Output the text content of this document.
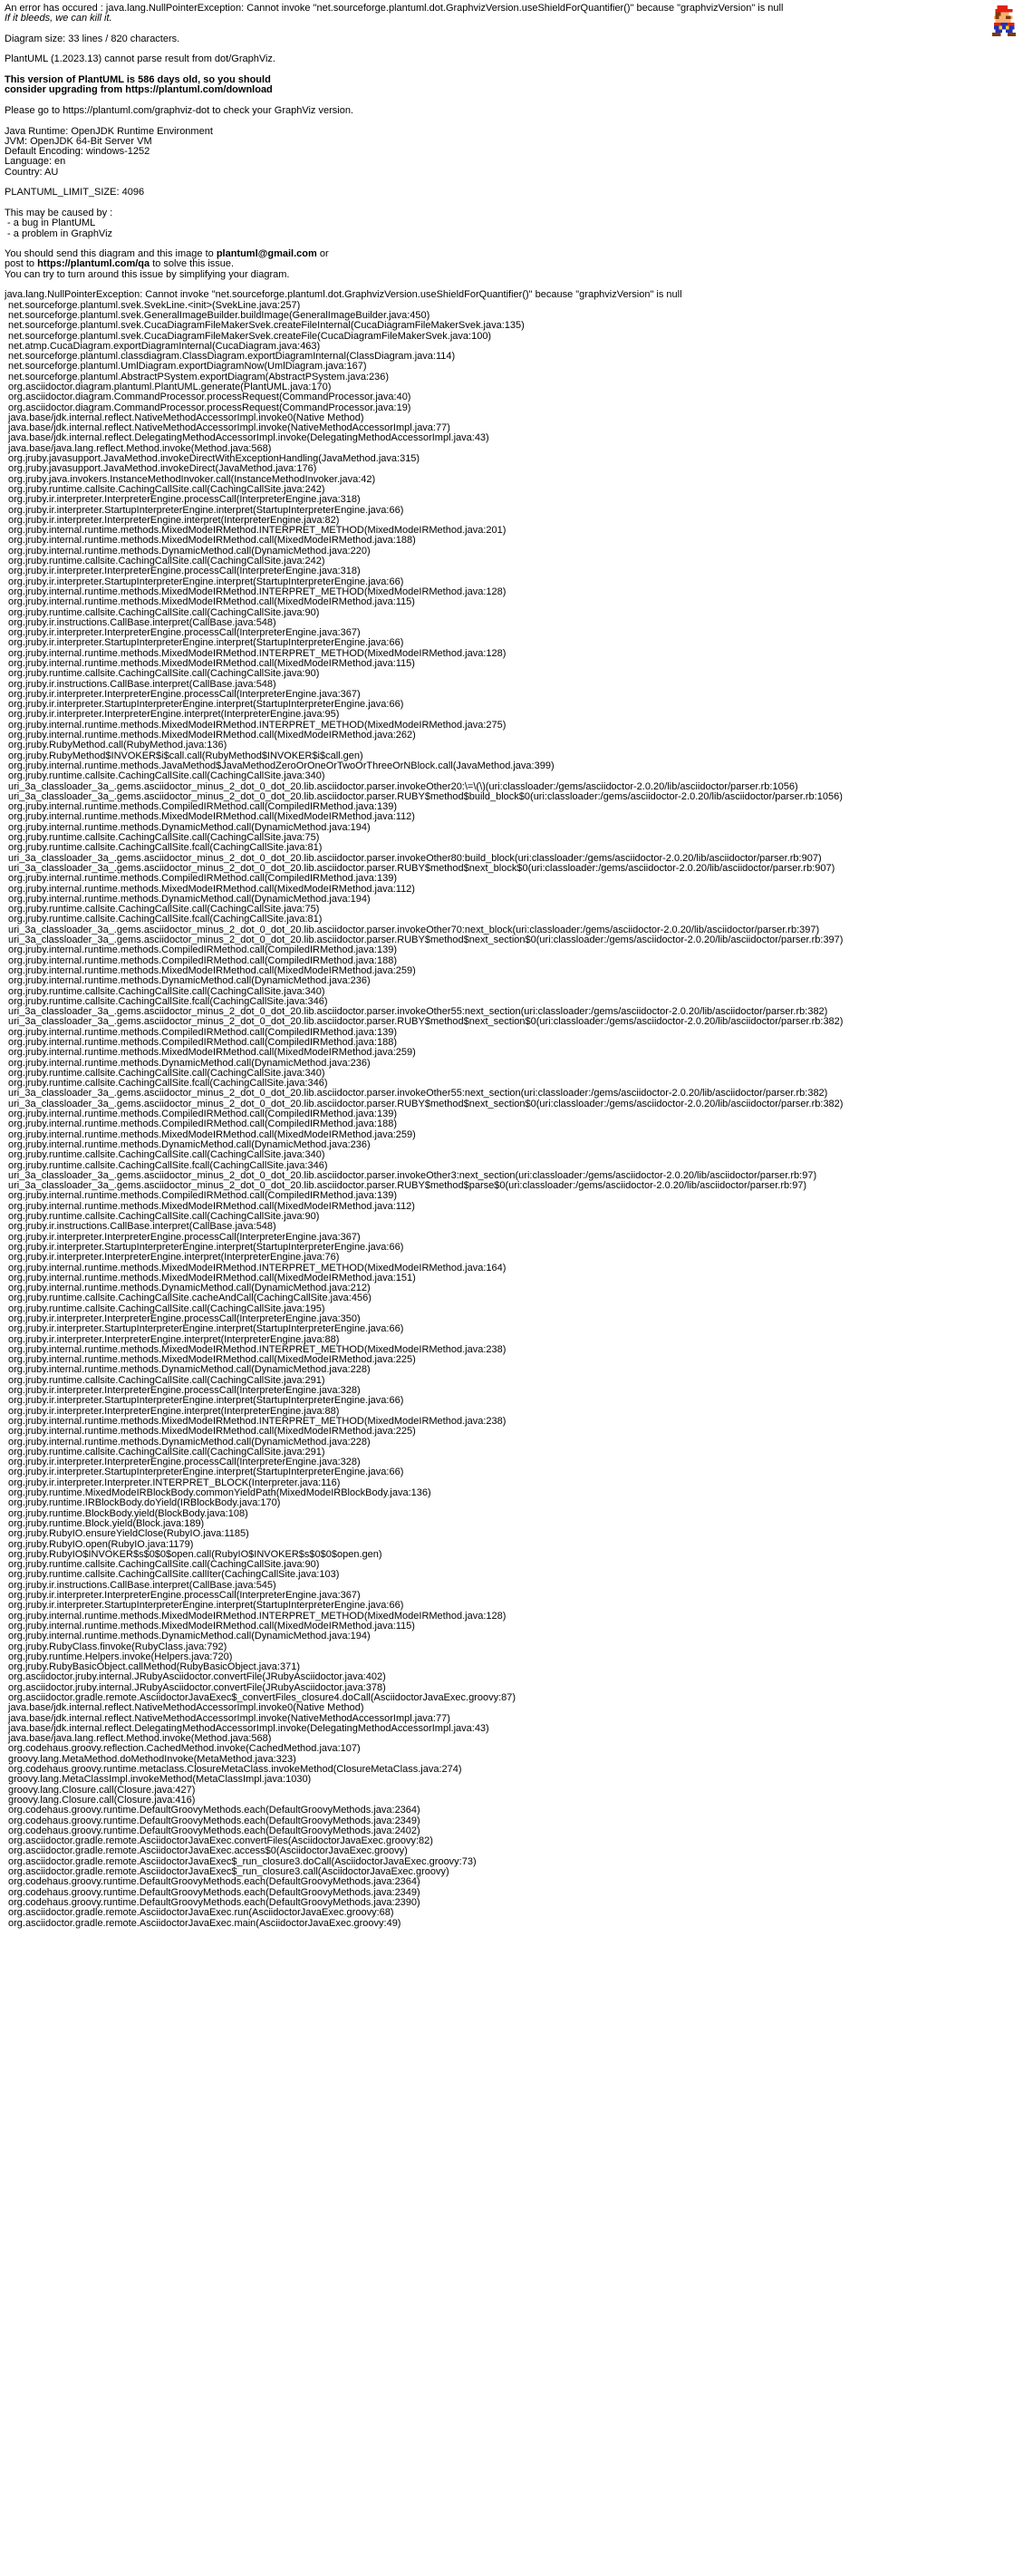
An error has occured : java.lang.NullPointerException: Cannot invoke "net.sourceforge.plantuml.dot.GraphvizVersion.useShieldForQuantifier()" because "graphvizVersion" is null
If it bleeds, we can kill it.
Diagram size: 33 lines / 820 characters.
PlantUML (1.2023.13) cannot parse result from dot/GraphViz.
This version of PlantUML is 586 days old, so you should
consider upgrading from https://plantuml.com/download
Please go to https://plantuml.com/graphviz-dot to check your GraphViz version.
Java Runtime: OpenJDK Runtime Environment
JVM: OpenJDK 64-Bit Server VM
Default Encoding: windows-1252
Language: en
Country: AU
PLANTUML_LIMIT_SIZE: 4096
This may be caused by :
- a bug in PlantUML
- a problem in GraphViz
You should send this diagram and this image to plantuml@gmail.com or
post to https://plantuml.com/qa to solve this issue.
You can try to turn around this issue by simplifying your diagram.
java.lang.NullPointerException: Cannot invoke "net.sourceforge.plantuml.dot.GraphvizVersion.useShieldForQuantifier()" because "graphvizVersion" is null
net.sourceforge.plantuml.svek.SvekLine.<init>(SvekLine.java:257)
net.sourceforge.plantuml.svek.GeneralImageBuilder.buildImage(GeneralImageBuilder.java:450)
net.sourceforge.plantuml.svek.CucaDiagramFileMakerSvek.createFileInternal(CucaDiagramFileMakerSvek.java:135)
net.sourceforge.plantuml.svek.CucaDiagramFileMakerSvek.createFile(CucaDiagramFileMakerSvek.java:100)
net.atmp.CucaDiagram.exportDiagramInternal(CucaDiagram.java:463)
net.sourceforge.plantuml.classdiagram.ClassDiagram.exportDiagramInternal(ClassDiagram.java:114)
net.sourceforge.plantuml.UmlDiagram.exportDiagramNow(UmlDiagram.java:167)
net.sourceforge.plantuml.AbstractPSystem.exportDiagram(AbstractPSystem.java:236)
org.asciidoctor.diagram.plantuml.PlantUML.generate(PlantUML.java:170)
org.asciidoctor.diagram.CommandProcessor.processRequest(CommandProcessor.java:40)
org.asciidoctor.diagram.CommandProcessor.processRequest(CommandProcessor.java:19)
java.base/jdk.internal.reflect.NativeMethodAccessorImpl.invoke0(Native Method)
java.base/jdk.internal.reflect.NativeMethodAccessorImpl.invoke(NativeMethodAccessorImpl.java:77)
java.base/jdk.internal.reflect.DelegatingMethodAccessorImpl.invoke(DelegatingMethodAccessorImpl.java:43)
java.base/java.lang.reflect.Method.invoke(Method.java:568)
org.jruby.javasupport.JavaMethod.invokeDirectWithExceptionHandling(JavaMethod.java:315)
org.jruby.javasupport.JavaMethod.invokeDirect(JavaMethod.java:176)
org.jruby.java.invokers.InstanceMethodInvoker.call(InstanceMethodInvoker.java:42)
org.jruby.runtime.callsite.CachingCallSite.call(CachingCallSite.java:242)
org.jruby.ir.interpreter.InterpreterEngine.processCall(InterpreterEngine.java:318)
org.jruby.ir.interpreter.StartupInterpreterEngine.interpret(StartupInterpreterEngine.java:66)
org.jruby.ir.interpreter.InterpreterEngine.interpret(InterpreterEngine.java:82)
org.jruby.internal.runtime.methods.MixedModeIRMethod.INTERPRET_METHOD(MixedModeIRMethod.java:201)
org.jruby.internal.runtime.methods.MixedModeIRMethod.call(MixedModeIRMethod.java:188)
org.jruby.internal.runtime.methods.DynamicMethod.call(DynamicMethod.java:220)
org.jruby.runtime.callsite.CachingCallSite.call(CachingCallSite.java:242)
org.jruby.ir.interpreter.InterpreterEngine.processCall(InterpreterEngine.java:318)
org.jruby.ir.interpreter.StartupInterpreterEngine.interpret(StartupInterpreterEngine.java:66)
org.jruby.internal.runtime.methods.MixedModeIRMethod.INTERPRET_METHOD(MixedModeIRMethod.java:128)
org.jruby.internal.runtime.methods.MixedModeIRMethod.call(MixedModeIRMethod.java:115)
org.jruby.runtime.callsite.CachingCallSite.call(CachingCallSite.java:90)
org.jruby.ir.instructions.CallBase.interpret(CallBase.java:548)
org.jruby.ir.interpreter.InterpreterEngine.processCall(InterpreterEngine.java:367)
org.jruby.ir.interpreter.StartupInterpreterEngine.interpret(StartupInterpreterEngine.java:66)
org.jruby.internal.runtime.methods.MixedModeIRMethod.INTERPRET_METHOD(MixedModeIRMethod.java:128)
org.jruby.internal.runtime.methods.MixedModeIRMethod.call(MixedModeIRMethod.java:115)
org.jruby.runtime.callsite.CachingCallSite.call(CachingCallSite.java:90)
org.jruby.ir.instructions.CallBase.interpret(CallBase.java:548)
org.jruby.ir.interpreter.InterpreterEngine.processCall(InterpreterEngine.java:367)
org.jruby.ir.interpreter.StartupInterpreterEngine.interpret(StartupInterpreterEngine.java:66)
org.jruby.ir.interpreter.InterpreterEngine.interpret(InterpreterEngine.java:95)
org.jruby.internal.runtime.methods.MixedModeIRMethod.INTERPRET_METHOD(MixedModeIRMethod.java:275)
org.jruby.internal.runtime.methods.MixedModeIRMethod.call(MixedModeIRMethod.java:262)
org.jruby.RubyMethod.call(RubyMethod.java:136)
org.jruby.RubyMethod$INVOKER$i$call.call(RubyMethod$INVOKER$i$call.gen)
org.jruby.internal.runtime.methods.JavaMethod$JavaMethodZeroOrOneOrTwoOrThreeOrNBlock.call(JavaMethod.java:399)
org.jruby.runtime.callsite.CachingCallSite.call(CachingCallSite.java:340)
uri_3a_classloader_3a_.gems.asciidoctor_minus_2_dot_0_dot_20.lib.asciidoctor.parser.invokeOther20:\=\(\)(uri:classloader:/gems/asciidoctor-2.0.20/lib/asciidoctor/parser.rb:1056)
uri_3a_classloader_3a_.gems.asciidoctor_minus_2_dot_0_dot_20.lib.asciidoctor.parser.RUBY$method$build_block$0(uri:classloader:/gems/asciidoctor-2.0.20/lib/asciidoctor/parser.rb:1056)
org.jruby.internal.runtime.methods.CompiledIRMethod.call(CompiledIRMethod.java:139)
org.jruby.internal.runtime.methods.MixedModeIRMethod.call(MixedModeIRMethod.java:112)
org.jruby.internal.runtime.methods.DynamicMethod.call(DynamicMethod.java:194)
org.jruby.runtime.callsite.CachingCallSite.call(CachingCallSite.java:75)
org.jruby.runtime.callsite.CachingCallSite.fcall(CachingCallSite.java:81)
uri_3a_classloader_3a_.gems.asciidoctor_minus_2_dot_0_dot_20.lib.asciidoctor.parser.invokeOther80:build_block(uri:classloader:/gems/asciidoctor-2.0.20/lib/asciidoctor/parser.rb:907)
uri_3a_classloader_3a_.gems.asciidoctor_minus_2_dot_0_dot_20.lib.asciidoctor.parser.RUBY$method$next_block$0(uri:classloader:/gems/asciidoctor-2.0.20/lib/asciidoctor/parser.rb:907)
org.jruby.internal.runtime.methods.CompiledIRMethod.call(CompiledIRMethod.java:139)
org.jruby.internal.runtime.methods.MixedModeIRMethod.call(MixedModeIRMethod.java:112)
org.jruby.internal.runtime.methods.DynamicMethod.call(DynamicMethod.java:194)
org.jruby.runtime.callsite.CachingCallSite.call(CachingCallSite.java:75)
org.jruby.runtime.callsite.CachingCallSite.fcall(CachingCallSite.java:81)
uri_3a_classloader_3a_.gems.asciidoctor_minus_2_dot_0_dot_20.lib.asciidoctor.parser.invokeOther70:next_block(uri:classloader:/gems/asciidoctor-2.0.20/lib/asciidoctor/parser.rb:397)
uri_3a_classloader_3a_.gems.asciidoctor_minus_2_dot_0_dot_20.lib.asciidoctor.parser.RUBY$method$next_section$0(uri:classloader:/gems/asciidoctor-2.0.20/lib/asciidoctor/parser.rb:397)
org.jruby.internal.runtime.methods.CompiledIRMethod.call(CompiledIRMethod.java:139)
org.jruby.internal.runtime.methods.CompiledIRMethod.call(CompiledIRMethod.java:188)
org.jruby.internal.runtime.methods.MixedModeIRMethod.call(MixedModeIRMethod.java:259)
org.jruby.internal.runtime.methods.DynamicMethod.call(DynamicMethod.java:236)
org.jruby.runtime.callsite.CachingCallSite.call(CachingCallSite.java:340)
org.jruby.runtime.callsite.CachingCallSite.fcall(CachingCallSite.java:346)
uri_3a_classloader_3a_.gems.asciidoctor_minus_2_dot_0_dot_20.lib.asciidoctor.parser.invokeOther55:next_section(uri:classloader:/gems/asciidoctor-2.0.20/lib/asciidoctor/parser.rb:382)
uri_3a_classloader_3a_.gems.asciidoctor_minus_2_dot_0_dot_20.lib.asciidoctor.parser.RUBY$method$next_section$0(uri:classloader:/gems/asciidoctor-2.0.20/lib/asciidoctor/parser.rb:382)
org.jruby.internal.runtime.methods.CompiledIRMethod.call(CompiledIRMethod.java:139)
org.jruby.internal.runtime.methods.CompiledIRMethod.call(CompiledIRMethod.java:188)
org.jruby.internal.runtime.methods.MixedModeIRMethod.call(MixedModeIRMethod.java:259)
org.jruby.internal.runtime.methods.DynamicMethod.call(DynamicMethod.java:236)
org.jruby.runtime.callsite.CachingCallSite.call(CachingCallSite.java:340)
org.jruby.runtime.callsite.CachingCallSite.fcall(CachingCallSite.java:346)
uri_3a_classloader_3a_.gems.asciidoctor_minus_2_dot_0_dot_20.lib.asciidoctor.parser.invokeOther55:next_section(uri:classloader:/gems/asciidoctor-2.0.20/lib/asciidoctor/parser.rb:382)
uri_3a_classloader_3a_.gems.asciidoctor_minus_2_dot_0_dot_20.lib.asciidoctor.parser.RUBY$method$next_section$0(uri:classloader:/gems/asciidoctor-2.0.20/lib/asciidoctor/parser.rb:382)
org.jruby.internal.runtime.methods.CompiledIRMethod.call(CompiledIRMethod.java:139)
org.jruby.internal.runtime.methods.CompiledIRMethod.call(CompiledIRMethod.java:188)
org.jruby.internal.runtime.methods.MixedModeIRMethod.call(MixedModeIRMethod.java:259)
org.jruby.internal.runtime.methods.DynamicMethod.call(DynamicMethod.java:236)
org.jruby.runtime.callsite.CachingCallSite.call(CachingCallSite.java:340)
org.jruby.runtime.callsite.CachingCallSite.fcall(CachingCallSite.java:346)
uri_3a_classloader_3a_.gems.asciidoctor_minus_2_dot_0_dot_20.lib.asciidoctor.parser.invokeOther3:next_section(uri:classloader:/gems/asciidoctor-2.0.20/lib/asciidoctor/parser.rb:97)
uri_3a_classloader_3a_.gems.asciidoctor_minus_2_dot_0_dot_20.lib.asciidoctor.parser.RUBY$method$parse$0(uri:classloader:/gems/asciidoctor-2.0.20/lib/asciidoctor/parser.rb:97)
org.jruby.internal.runtime.methods.CompiledIRMethod.call(CompiledIRMethod.java:139)
org.jruby.internal.runtime.methods.MixedModeIRMethod.call(MixedModeIRMethod.java:112)
org.jruby.runtime.callsite.CachingCallSite.call(CachingCallSite.java:90)
org.jruby.ir.instructions.CallBase.interpret(CallBase.java:548)
org.jruby.ir.interpreter.InterpreterEngine.processCall(InterpreterEngine.java:367)
org.jruby.ir.interpreter.StartupInterpreterEngine.interpret(StartupInterpreterEngine.java:66)
org.jruby.ir.interpreter.InterpreterEngine.interpret(InterpreterEngine.java:76)
org.jruby.internal.runtime.methods.MixedModeIRMethod.INTERPRET_METHOD(MixedModeIRMethod.java:164)
org.jruby.internal.runtime.methods.MixedModeIRMethod.call(MixedModeIRMethod.java:151)
org.jruby.internal.runtime.methods.DynamicMethod.call(DynamicMethod.java:212)
org.jruby.runtime.callsite.CachingCallSite.cacheAndCall(CachingCallSite.java:456)
org.jruby.runtime.callsite.CachingCallSite.call(CachingCallSite.java:195)
org.jruby.ir.interpreter.InterpreterEngine.processCall(InterpreterEngine.java:350)
org.jruby.ir.interpreter.StartupInterpreterEngine.interpret(StartupInterpreterEngine.java:66)
org.jruby.ir.interpreter.InterpreterEngine.interpret(InterpreterEngine.java:88)
org.jruby.internal.runtime.methods.MixedModeIRMethod.INTERPRET_METHOD(MixedModeIRMethod.java:238)
org.jruby.internal.runtime.methods.MixedModeIRMethod.call(MixedModeIRMethod.java:225)
org.jruby.internal.runtime.methods.DynamicMethod.call(DynamicMethod.java:228)
org.jruby.runtime.callsite.CachingCallSite.call(CachingCallSite.java:291)
org.jruby.ir.interpreter.InterpreterEngine.processCall(InterpreterEngine.java:328)
org.jruby.ir.interpreter.StartupInterpreterEngine.interpret(StartupInterpreterEngine.java:66)
org.jruby.ir.interpreter.InterpreterEngine.interpret(InterpreterEngine.java:88)
org.jruby.internal.runtime.methods.MixedModeIRMethod.INTERPRET_METHOD(MixedModeIRMethod.java:238)
org.jruby.internal.runtime.methods.MixedModeIRMethod.call(MixedModeIRMethod.java:225)
org.jruby.internal.runtime.methods.DynamicMethod.call(DynamicMethod.java:228)
org.jruby.runtime.callsite.CachingCallSite.call(CachingCallSite.java:291)
org.jruby.ir.interpreter.InterpreterEngine.processCall(InterpreterEngine.java:328)
org.jruby.ir.interpreter.StartupInterpreterEngine.interpret(StartupInterpreterEngine.java:66)
org.jruby.ir.interpreter.Interpreter.INTERPRET_BLOCK(Interpreter.java:116)
org.jruby.runtime.MixedModeIRBlockBody.commonYieldPath(MixedModeIRBlockBody.java:136)
org.jruby.runtime.IRBlockBody.doYield(IRBlockBody.java:170)
org.jruby.runtime.BlockBody.yield(BlockBody.java:108)
org.jruby.runtime.Block.yield(Block.java:189)
org.jruby.RubyIO.ensureYieldClose(RubyIO.java:1185)
org.jruby.RubyIO.open(RubyIO.java:1179)
org.jruby.RubyIO$INVOKER$s$0$0$open.call(RubyIO$INVOKER$s$0$0$open.gen)
org.jruby.runtime.callsite.CachingCallSite.call(CachingCallSite.java:90)
org.jruby.runtime.callsite.CachingCallSite.callIter(CachingCallSite.java:103)
org.jruby.ir.instructions.CallBase.interpret(CallBase.java:545)
org.jruby.ir.interpreter.InterpreterEngine.processCall(InterpreterEngine.java:367)
org.jruby.ir.interpreter.StartupInterpreterEngine.interpret(StartupInterpreterEngine.java:66)
org.jruby.internal.runtime.methods.MixedModeIRMethod.INTERPRET_METHOD(MixedModeIRMethod.java:128)
org.jruby.internal.runtime.methods.MixedModeIRMethod.call(MixedModeIRMethod.java:115)
org.jruby.internal.runtime.methods.DynamicMethod.call(DynamicMethod.java:194)
org.jruby.RubyClass.finvoke(RubyClass.java:792)
org.jruby.runtime.Helpers.invoke(Helpers.java:720)
org.jruby.RubyBasicObject.callMethod(RubyBasicObject.java:371)
org.asciidoctor.jruby.internal.JRubyAsciidoctor.convertFile(JRubyAsciidoctor.java:402)
org.asciidoctor.jruby.internal.JRubyAsciidoctor.convertFile(JRubyAsciidoctor.java:378)
org.asciidoctor.gradle.remote.AsciidoctorJavaExec$_convertFiles_closure4.doCall(AsciidoctorJavaExec.groovy:87)
java.base/jdk.internal.reflect.NativeMethodAccessorImpl.invoke0(Native Method)
java.base/jdk.internal.reflect.NativeMethodAccessorImpl.invoke(NativeMethodAccessorImpl.java:77)
java.base/jdk.internal.reflect.DelegatingMethodAccessorImpl.invoke(DelegatingMethodAccessorImpl.java:43)
java.base/java.lang.reflect.Method.invoke(Method.java:568)
org.codehaus.groovy.reflection.CachedMethod.invoke(CachedMethod.java:107)
groovy.lang.MetaMethod.doMethodInvoke(MetaMethod.java:323)
org.codehaus.groovy.runtime.metaclass.ClosureMetaClass.invokeMethod(ClosureMetaClass.java:274)
groovy.lang.MetaClassImpl.invokeMethod(MetaClassImpl.java:1030)
groovy.lang.Closure.call(Closure.java:427)
groovy.lang.Closure.call(Closure.java:416)
org.codehaus.groovy.runtime.DefaultGroovyMethods.each(DefaultGroovyMethods.java:2364)
org.codehaus.groovy.runtime.DefaultGroovyMethods.each(DefaultGroovyMethods.java:2349)
org.codehaus.groovy.runtime.DefaultGroovyMethods.each(DefaultGroovyMethods.java:2402)
org.asciidoctor.gradle.remote.AsciidoctorJavaExec.convertFiles(AsciidoctorJavaExec.groovy:82)
org.asciidoctor.gradle.remote.AsciidoctorJavaExec.access$0(AsciidoctorJavaExec.groovy)
org.asciidoctor.gradle.remote.AsciidoctorJavaExec$_run_closure3.doCall(AsciidoctorJavaExec.groovy:73)
org.asciidoctor.gradle.remote.AsciidoctorJavaExec$_run_closure3.call(AsciidoctorJavaExec.groovy)
org.codehaus.groovy.runtime.DefaultGroovyMethods.each(DefaultGroovyMethods.java:2364)
org.codehaus.groovy.runtime.DefaultGroovyMethods.each(DefaultGroovyMethods.java:2349)
org.codehaus.groovy.runtime.DefaultGroovyMethods.each(DefaultGroovyMethods.java:2390)
org.asciidoctor.gradle.remote.AsciidoctorJavaExec.run(AsciidoctorJavaExec.groovy:68)
org.asciidoctor.gradle.remote.AsciidoctorJavaExec.main(AsciidoctorJavaExec.groovy:49)
